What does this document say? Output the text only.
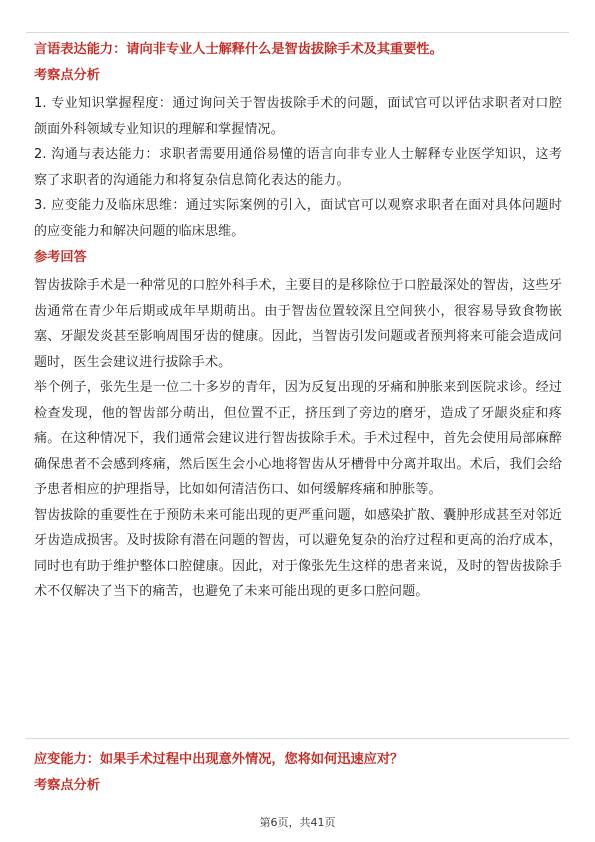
言语表达能力：请向非专业人士解释什么是智齿拔除手术及其重要性。

考察点分析

1. 专业知识掌握程度：通过询问关于智齿拔除手术的问题，面试官可以评估求职者对口腔颌面外科领域专业知识的理解和掌握情况。

2. 沟通与表达能力：求职者需要用通俗易懂的语言向非专业人士解释专业医学知识，这考察了求职者的沟通能力和将复杂信息简化表达的能力。

3. 应变能力及临床思维：通过实际案例的引入，面试官可以观察求职者在面对具体问题时的应变能力和解决问题的临床思维。

参考回答

智齿拔除手术是一种常见的口腔外科手术，主要目的是移除位于口腔最深处的智齿，这些牙齿通常在青少年后期或成年早期萌出。由于智齿位置较深且空间狭小，很容易导致食物嵌塞、牙龈发炎甚至影响周围牙齿的健康。因此，当智齿引发问题或者预判将来可能会造成问题时，医生会建议进行拔除手术。

举个例子，张先生是一位二十多岁的青年，因为反复出现的牙痛和肿胀来到医院求诊。经过检查发现，他的智齿部分萌出，但位置不正，挤压到了旁边的磨牙，造成了牙龈炎症和疼痛。在这种情况下，我们通常会建议进行智齿拔除手术。手术过程中，首先会使用局部麻醉确保患者不会感到疼痛，然后医生会小心地将智齿从牙槽骨中分离并取出。术后，我们会给予患者相应的护理指导，比如如何清洁伤口、如何缓解疼痛和肿胀等。

智齿拔除的重要性在于预防未来可能出现的更严重问题，如感染扩散、囊肿形成甚至对邻近牙齿造成损害。及时拔除有潜在问题的智齿，可以避免复杂的治疗过程和更高的治疗成本，同时也有助于维护整体口腔健康。因此，对于像张先生这样的患者来说，及时的智齿拔除手术不仅解决了当下的痛苦，也避免了未来可能出现的更多口腔问题。

应变能力：如果手术过程中出现意外情况，您将如何迅速应对？

考察点分析

第6页，共41页
